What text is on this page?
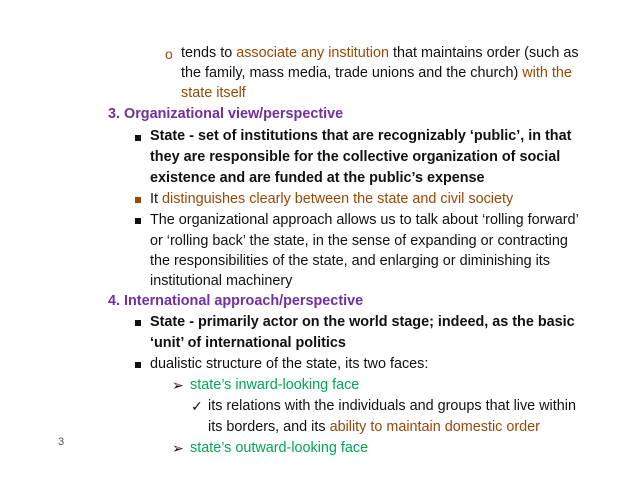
o tends to associate any institution that maintains order (such as
the family, mass media, trade unions and the church) with the
state itself
3. Organizational view/perspective
State - set of institutions that are recognizably ‘public’, in that
they are responsible for the collective organization of social
existence and are funded at the public’s expense
It distinguishes clearly between the state and civil society
The organizational approach allows us to talk about ‘rolling forward’
or ‘rolling back’ the state, in the sense of expanding or contracting
the responsibilities of the state, and enlarging or diminishing its
institutional machinery
4. International approach/perspective
State - primarily actor on the world stage; indeed, as the basic
‘unit’ of international politics
dualistic structure of the state, its two faces:
➢ state’s inward-looking face
✓ its relations with the individuals and groups that live within
its borders, and its ability to maintain domestic order
➢ state’s outward-looking face
3
